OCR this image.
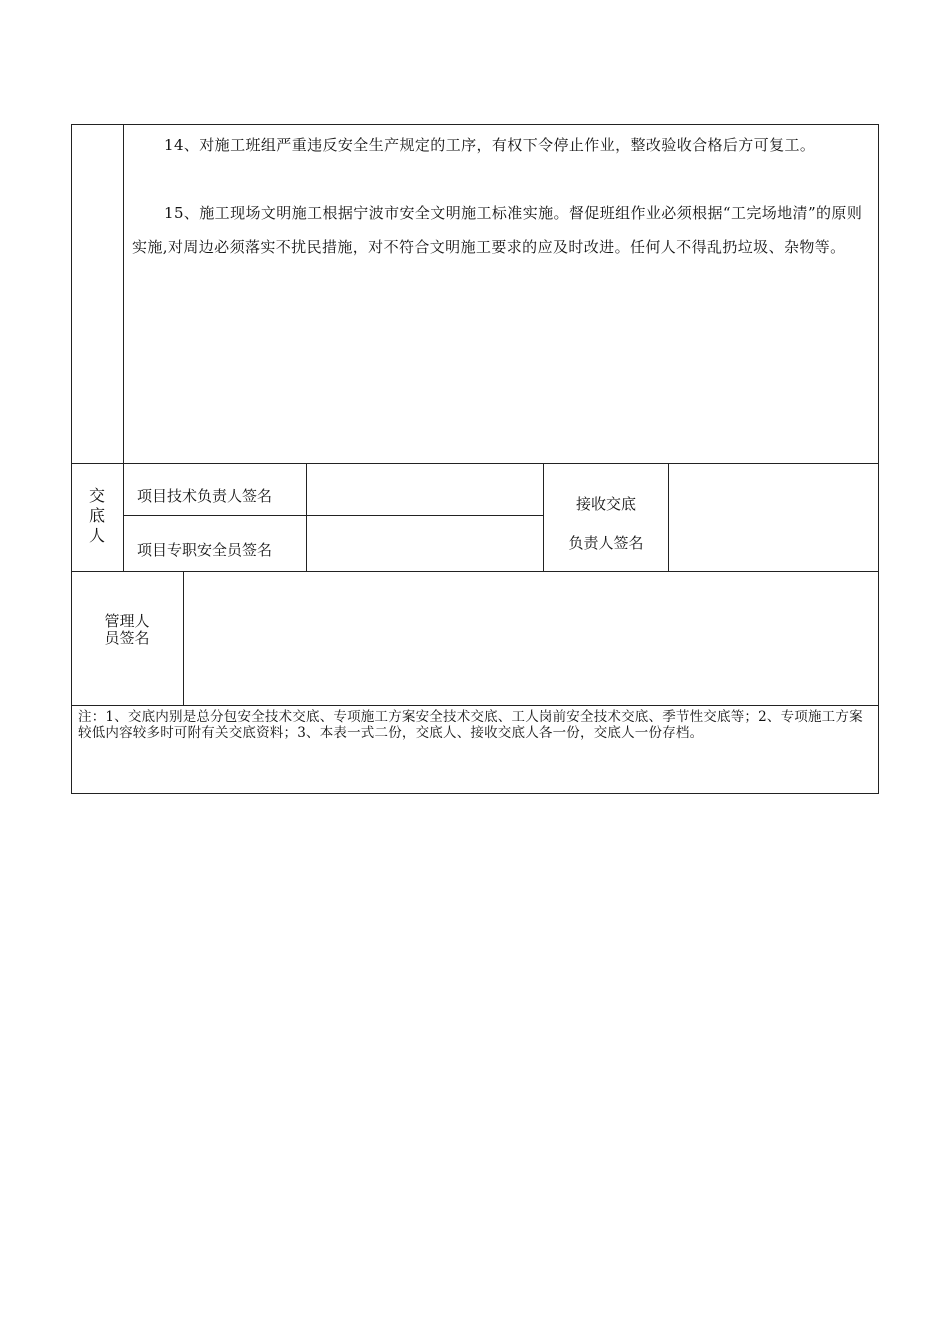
14、对施工班组严重违反安全生产规定的工序，有权下令停止作业，整改验收合格后方可复工。
15、施工现场文明施工根据宁波市安全文明施工标准实施。督促班组作业必须根据“工完场地清”的原则实施,对周边必须落实不扰民措施，对不符合文明施工要求的应及时改进。任何人不得乱扔垃圾、杂物等。
交底人
项目技术负责人签名
项目专职安全员签名
接收交底
负责人签名
管理人
员签名
注：1、交底内别是总分包安全技术交底、专项施工方案安全技术交底、工人岗前安全技术交底、季节性交底等；2、专项施工方案较低内容较多时可附有关交底资料；3、本表一式二份，交底人、接收交底人各一份，交底人一份存档。
